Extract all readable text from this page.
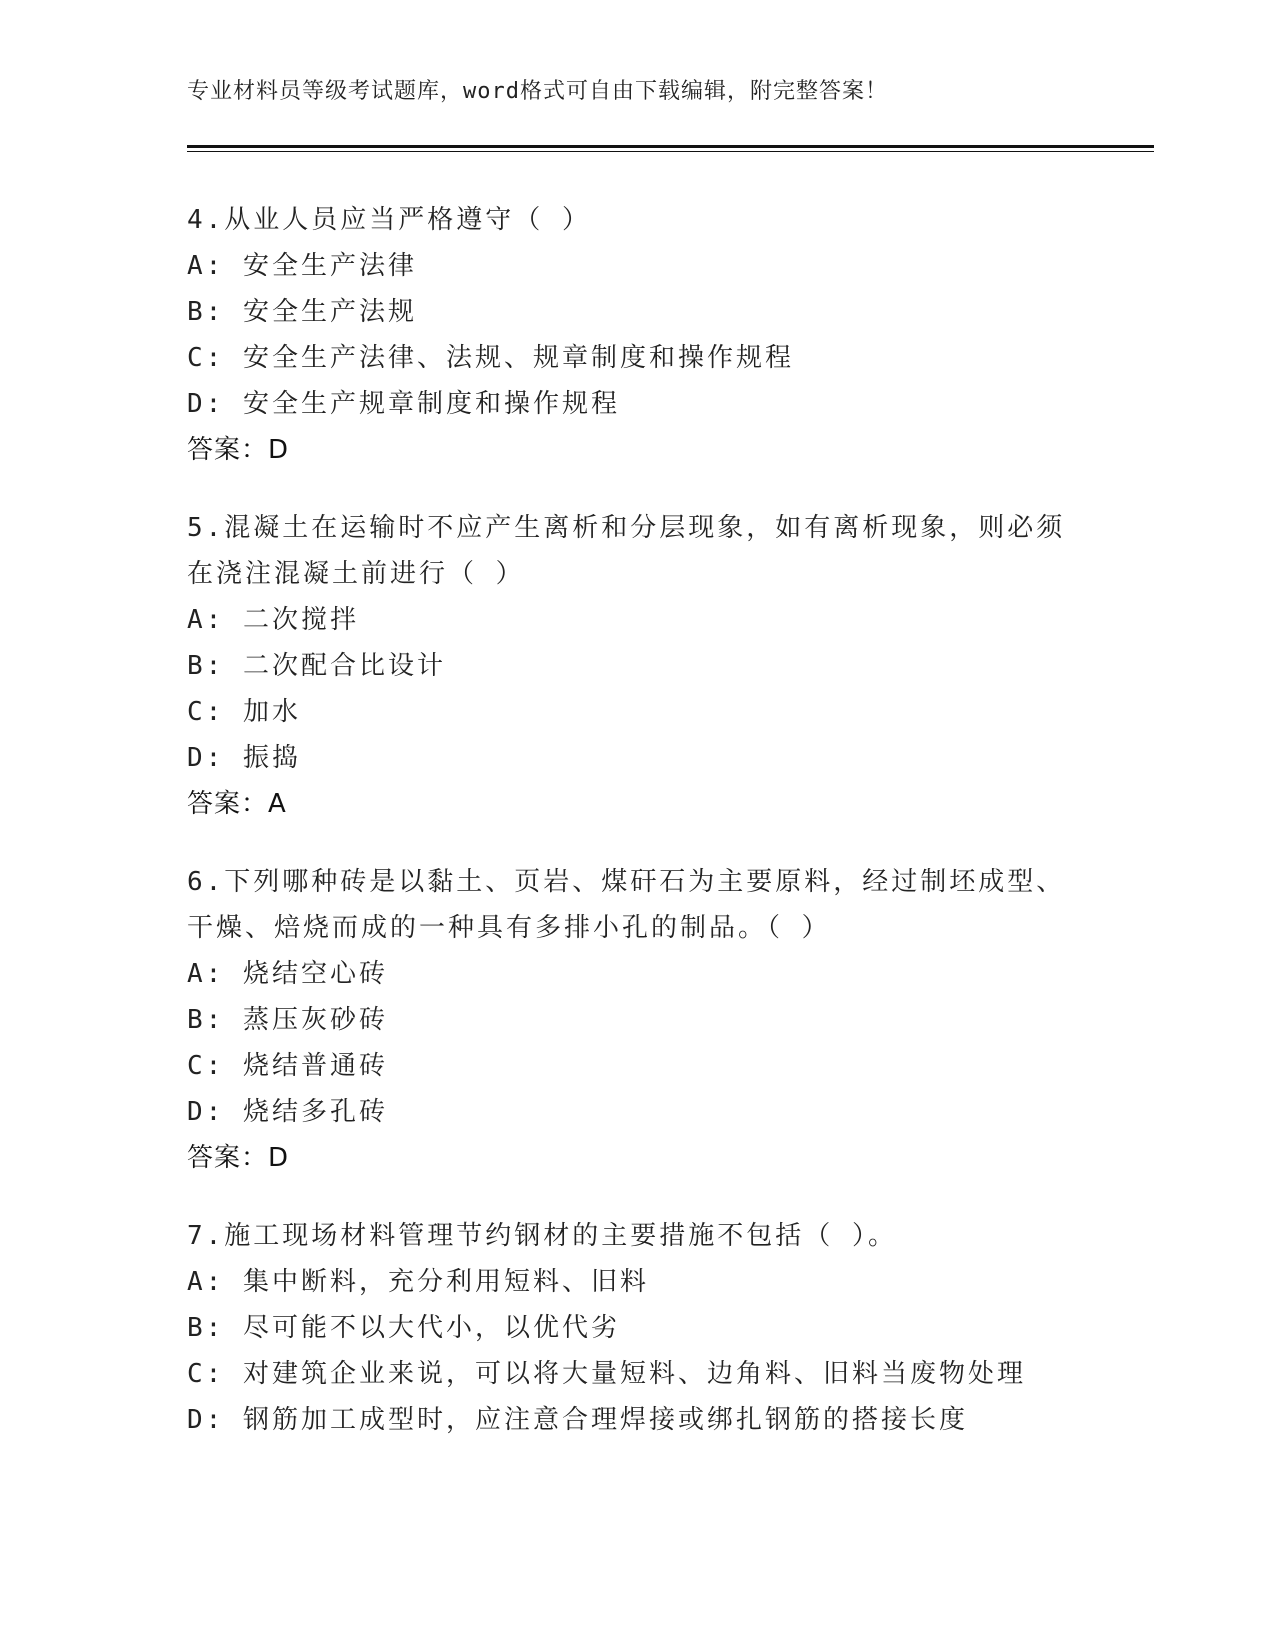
专业材料员等级考试题库，word格式可自由下载编辑，附完整答案！
4.从业人员应当严格遵守（ ）
A: 安全生产法律
B: 安全生产法规
C: 安全生产法律、法规、规章制度和操作规程
D: 安全生产规章制度和操作规程
答案：D
5.混凝土在运输时不应产生离析和分层现象，如有离析现象，则必须
在浇注混凝土前进行（ ）
A: 二次搅拌
B: 二次配合比设计
C: 加水
D: 振捣
答案：A
6.下列哪种砖是以黏土、页岩、煤矸石为主要原料，经过制坯成型、
干燥、焙烧而成的一种具有多排小孔的制品。（ ）
A: 烧结空心砖
B: 蒸压灰砂砖
C: 烧结普通砖
D: 烧结多孔砖
答案：D
7.施工现场材料管理节约钢材的主要措施不包括（ ）。
A: 集中断料，充分利用短料、旧料
B: 尽可能不以大代小，以优代劣
C: 对建筑企业来说，可以将大量短料、边角料、旧料当废物处理
D: 钢筋加工成型时，应注意合理焊接或绑扎钢筋的搭接长度
